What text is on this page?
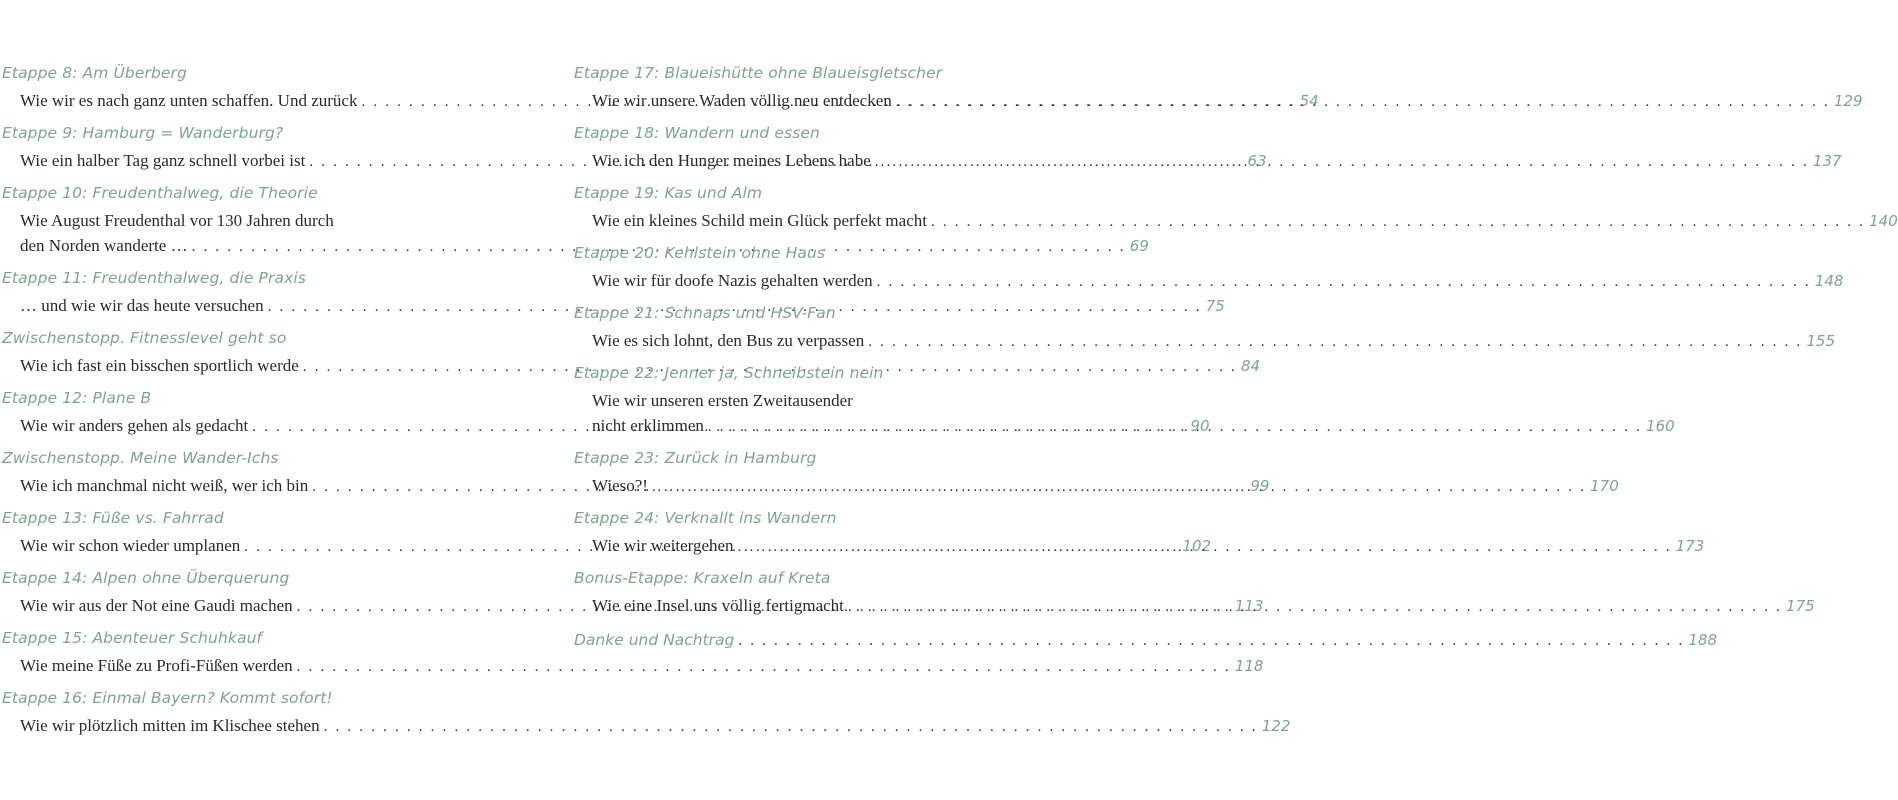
Etappe 8: Am Überberg
Wie wir es nach ganz unten schaffen. Und zurück . . .	54
Etappe 9: Hamburg = Wanderburg?
Wie ein halber Tag ganz schnell vorbei ist . . .	63
Etappe 10: Freudenthalweg, die Theorie
Wie August Freudenthal vor 130 Jahren durch
den Norden wanderte … . . .	69
Etappe 11: Freudenthalweg, die Praxis
… und wie wir das heute versuchen . . .	75
Zwischenstopp. Fitnesslevel geht so
Wie ich fast ein bisschen sportlich werde . . .	84
Etappe 12: Plane B
Wie wir anders gehen als gedacht . . .	90
Zwischenstopp. Meine Wander-Ichs
Wie ich manchmal nicht weiß, wer ich bin . . .	99
Etappe 13: Füße vs. Fahrrad
Wie wir schon wieder umplanen . . .	102
Etappe 14: Alpen ohne Überquerung
Wie wir aus der Not eine Gaudi machen . . .	113
Etappe 15: Abenteuer Schuhkauf
Wie meine Füße zu Profi-Füßen werden . . .	118
Etappe 16: Einmal Bayern? Kommt sofort!
Wie wir plötzlich mitten im Klischee stehen . . .	122
Etappe 17: Blaueishütte ohne Blaueisgletscher
Wie wir unsere Waden völlig neu entdecken . . .	129
Etappe 18: Wandern und essen
Wie ich den Hunger meines Lebens habe . . .	137
Etappe 19: Kas und Alm
Wie ein kleines Schild mein Glück perfekt macht . . .	140
Etappe 20: Kehlstein ohne Haus
Wie wir für doofe Nazis gehalten werden . . .	148
Etappe 21: Schnaps und HSV-Fan
Wie es sich lohnt, den Bus zu verpassen . . .	155
Etappe 22: Jenner ja, Schneibstein nein
Wie wir unseren ersten Zweitausender
nicht erklimmen . . .	160
Etappe 23: Zurück in Hamburg
Wieso?! . . .	170
Etappe 24: Verknallt ins Wandern
Wie wir weitergehen . . .	173
Bonus-Etappe: Kraxeln auf Kreta
Wie eine Insel uns völlig fertigmacht . . .	175
Danke und Nachtrag . . . . . . . . . . . . . . . . . . . . . . . . . . . . . . . . . . . . . . . . . . . . . . . . . . . . . . . . . . . . . . . . . . . . . . . . . . . . . . . . 188
